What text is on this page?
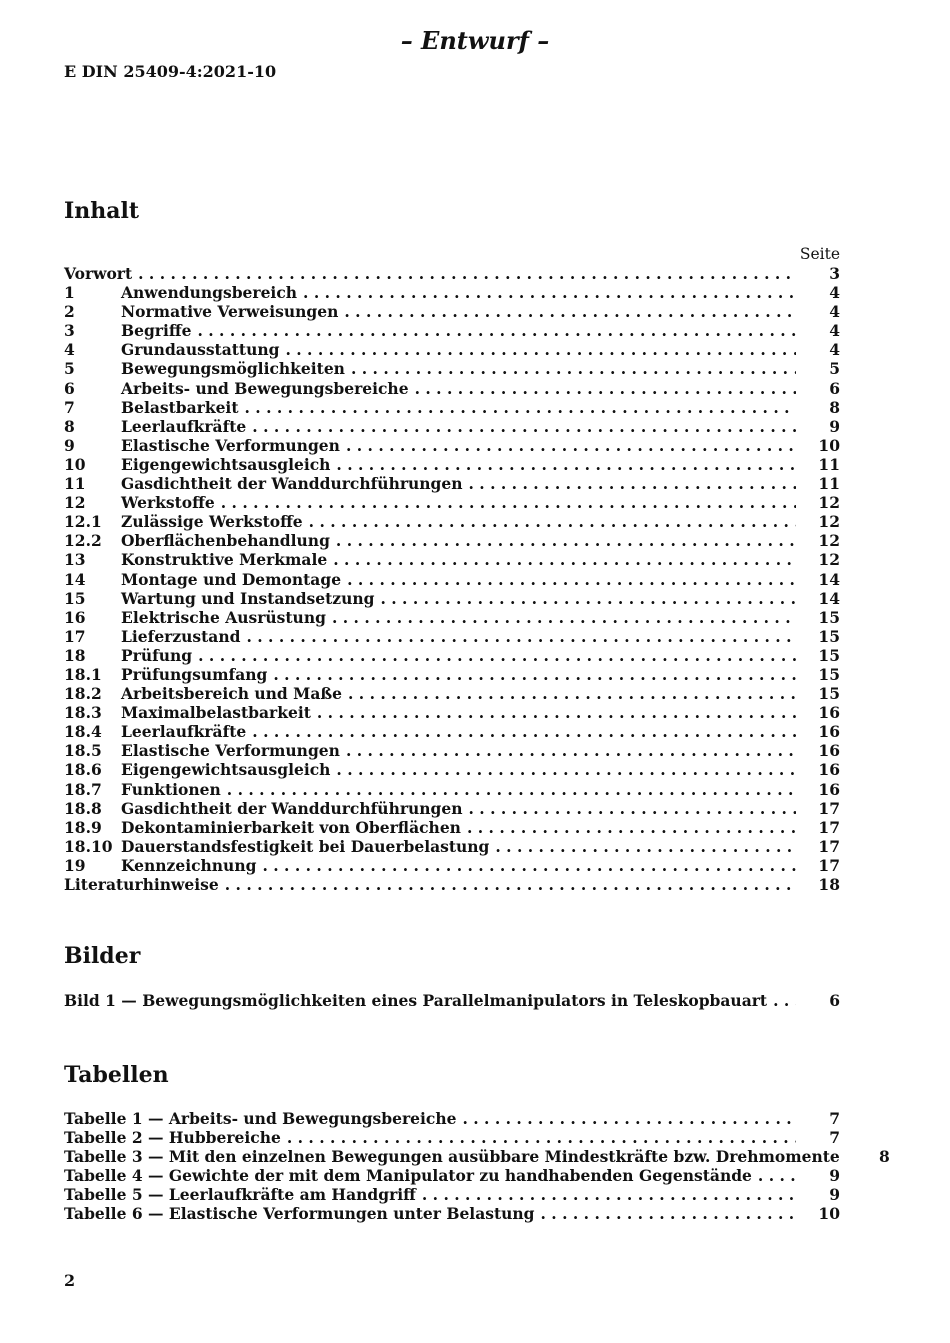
– Entwurf –
E DIN 25409-4:2021-10
Inhalt
Seite
Vorwort . . .	3
1	Anwendungsbereich . . .	4
2	Normative Verweisungen . . .	4
3	Begriffe . . .	4
4	Grundausstattung . . .	4
5	Bewegungsmöglichkeiten . . .	5
6	Arbeits- und Bewegungsbereiche . . .	6
7	Belastbarkeit . . .	8
8	Leerlaufkräfte . . .	9
9	Elastische Verformungen . . .	10
10	Eigengewichtsausgleich . . .	11
11	Gasdichtheit der Wanddurchführungen . . .	11
12	Werkstoffe . . .	12
12.1	Zulässige Werkstoffe . . .	12
12.2	Oberflächenbehandlung . . .	12
13	Konstruktive Merkmale . . .	12
14	Montage und Demontage . . .	14
15	Wartung und Instandsetzung . . .	14
16	Elektrische Ausrüstung . . .	15
17	Lieferzustand . . .	15
18	Prüfung . . .	15
18.1	Prüfungsumfang . . .	15
18.2	Arbeitsbereich und Maße . . .	15
18.3	Maximalbelastbarkeit . . .	16
18.4	Leerlaufkräfte . . .	16
18.5	Elastische Verformungen . . .	16
18.6	Eigengewichtsausgleich . . .	16
18.7	Funktionen . . .	16
18.8	Gasdichtheit der Wanddurchführungen . . .	17
18.9	Dekontaminierbarkeit von Oberflächen . . .	17
18.10 Dauerstandsfestigkeit bei Dauerbelastung . . .	17
19	Kennzeichnung . . .	17
Literaturhinweise . . .	18
Bilder
Bild 1 — Bewegungsmöglichkeiten eines Parallelmanipulators in Teleskopbauart . . .	6
Tabellen
Tabelle 1 — Arbeits- und Bewegungsbereiche . . .	7
Tabelle 2 — Hubbereiche . . .	7
Tabelle 3 — Mit den einzelnen Bewegungen ausübbare Mindestkräfte bzw. Drehmomente	8
Tabelle 4 — Gewichte der mit dem Manipulator zu handhabenden Gegenstände . . .	9
Tabelle 5 — Leerlaufkräfte am Handgriff . . .	9
Tabelle 6 — Elastische Verformungen unter Belastung . . .	10
2
